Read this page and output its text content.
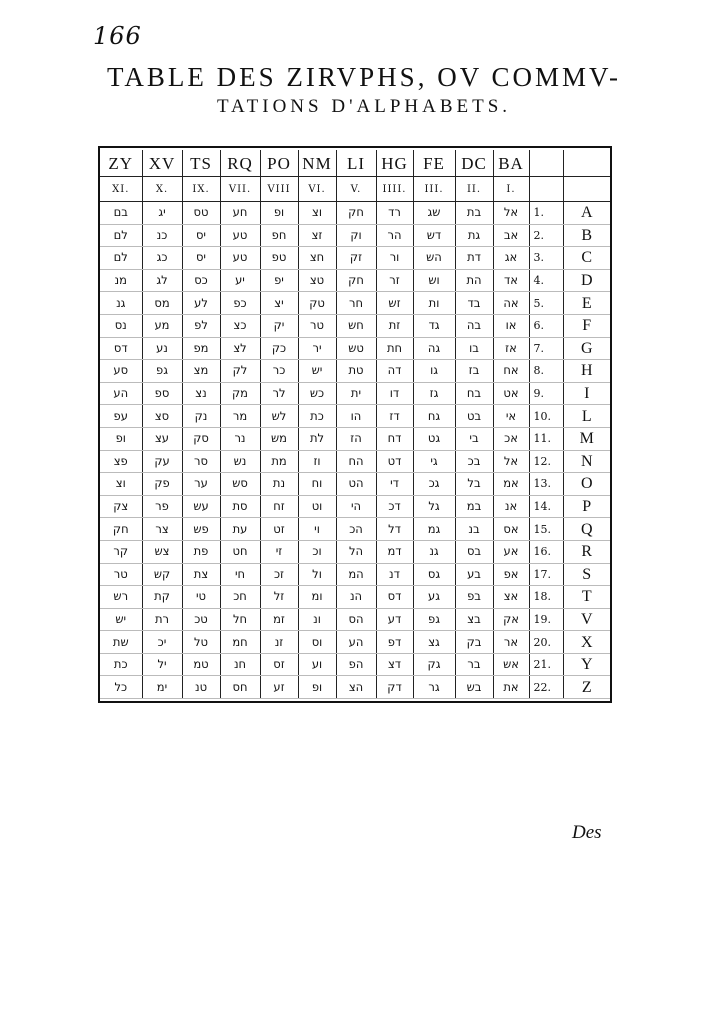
166
TABLE DES ZIRVPHS, OV COMMV-
TATIONS D'ALPHABETS.
ZY	XV	TS	RQ	PO	NM	LI	HG	FE	DC	BA		
XI.	X.	IX.	VII.	VIII	VI.	V.	IIII.	III.	II.	I.		
בם	יג	טס	חע	ופ	וצ	חק	רד	שג	בת	אל	1.	A
לם	כנ	יס	טע	חפ	זצ	וק	הר	דש	גת	אב	2.	B
לם	כג	יס	טע	טפ	חצ	זק	ור	הש	דת	אג	3.	C
מנ	לג	כס	יע	יפ	טצ	חק	זר	וש	הת	אד	4.	D
גנ	מס	לע	כפ	יצ	טק	חר	זש	ות	בד	אה	5.	E
נס	מע	לפ	כצ	יק	טר	חש	זת	גד	בה	או	6.	F
דס	נע	מפ	לצ	כק	יר	טש	חת	גה	בו	אז	7.	G
סע	גפ	מצ	לק	כר	יש	טת	דה	גו	בז	אח	8.	H
הע	ספ	נצ	מק	לר	כש	ית	דו	גז	בח	אט	9.	I
עפ	סצ	נק	מר	לש	כת	הו	דז	גח	בט	אי	10.	L
ופ	עצ	סק	נר	מש	לת	הז	דח	גט	בי	אכ	11.	M
פצ	עק	סר	נש	מת	וז	הח	דט	גי	בכ	אל	12.	N
וצ	פק	ער	סש	נת	וח	הט	די	גכ	בל	אמ	13.	O
צק	פר	עש	סת	זח	וט	הי	דכ	גל	במ	אנ	14.	P
חק	צר	פש	עת	זט	וי	הכ	דל	גמ	בנ	אס	15.	Q
קר	צש	פת	חט	זי	וכ	הל	דמ	גנ	בס	אע	16.	R
טר	קש	צת	חי	זכ	ול	המ	דנ	גס	בע	אפ	17.	S
רש	קת	טי	חכ	זל	ומ	הנ	דס	גע	בפ	אצ	18.	T
יש	רת	טכ	חל	זמ	ונ	הס	דע	גפ	בצ	אק	19.	V
שת	יכ	טל	חמ	זנ	וס	הע	דפ	גצ	בק	אר	20.	X
כת	יל	טמ	חנ	זס	וע	הפ	דצ	גק	בר	אש	21.	Y
כל	ימ	טנ	חס	זע	ופ	הצ	דק	גר	בש	את	22.	Z
Des
